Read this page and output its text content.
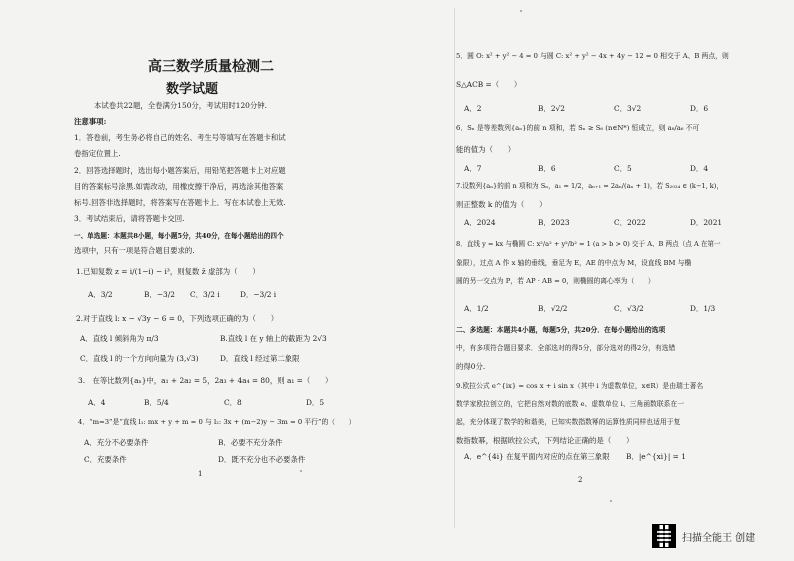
高三数学质量检测二
数学试题
本试卷共22题，全卷满分150分，考试用时120分钟.
注意事项:
1．答卷前，考生务必将自己的姓名、考生号等填写在答题卡和试
卷指定位置上.
2．回答选择题时，选出每小题答案后，用铅笔把答题卡上对应题
目的答案标号涂黑.如需改动，用橡皮擦干净后，再选涂其他答案
标号.回答非选择题时，将答案写在答题卡上．写在本试卷上无效.
3．考试结束后，请将答题卡交回.
一、单选题：本题共8小题，每小题5分，共40分，在每小题给出的四个
选项中，只有一项是符合题目要求的.
1.已知复数 z = i/(1−i) − i³，则复数 z̄ 虚部为（　　）
A．3/2	B．−3/2 C．3/2 i	D．−3/2 i
2.对于直线 l: x − √3y − 6 = 0，下列选项正确的为（　　）
A．直线 l 倾斜角为 π/3	B.直线 l 在 y 轴上的截距为 2√3
C．直线 l 的一个方向向量为 (3,√3)	D．直线 l 经过第二象限
3.　在等比数列{aₙ}中，a₁ + 2a₂ = 5，2a₃ + 4a₄ = 80，则 a₁ =（　　）
A．4	B．5/4	C．8	D．5
4．“m=3”是“直线 l₁: mx + y + m = 0 与 l₂: 3x + (m−2)y − 3m = 0 平行”的（　　）
A．充分不必要条件	B．必要不充分条件
C．充要条件	D．既不充分也不必要条件
1
5．圆 O: x² + y² − 4 = 0 与圆 C: x² + y² − 4x + 4y − 12 = 0 相交于 A、B 两点，则
S△ACB =（　　）
A．2	B．2√2	C．3√2	D．6
6．Sₙ 是等差数列{aₙ}的前 n 项和，若 Sₙ ≥ S₆ (n∈N*) 恒成立，则 a₈/a₆ 不可
能的值为（　　）
A．7	B．6	C．5	D．4
7.设数列{aₙ}的前 n 项和为 Sₙ，a₁ = 1/2，aₙ₊₁ = 2aₙ/(aₙ + 1)，若 S₂₀₂₄ ∈ (k−1, k)，
则正整数 k 的值为（　　）
A．2024	B．2023	C．2022	D．2021
8．直线 y = kx 与椭圆 C: x²/a² + y²/b² = 1 (a > b > 0) 交于 A、B 两点（点 A 在第一
象限），过点 A 作 x 轴的垂线，垂足为 E，AE 的中点为 M，设直线 BM 与椭
圆的另一交点为 P，若 AP · AB = 0，则椭圆的离心率为（　　）
A．1/2	B．√2/2	C．√3/2	D．1/3
二、多选题：本题共4小题，每题5分，共20分．在每小题给出的选项
中，有多项符合题目要求．全部选对的得5分，部分选对的得2分，有选错
的得0分.
9.欧拉公式 e^{ix} = cos x + i sin x（其中 i 为虚数单位，x∈R）是由瑞士著名
数学家欧拉创立的，它把自然对数的底数 e、虚数单位 i、三角函数联系在一
起，充分体现了数学的和谐美，已知实数指数幂的运算性质同样也适用于复
数指数幂，根据欧拉公式，下列结论正确的是（　　）
A．e^{4i} 在复平面内对应的点在第三象限 B．|e^{xi}| = 1
2
扫描全能王 创建
